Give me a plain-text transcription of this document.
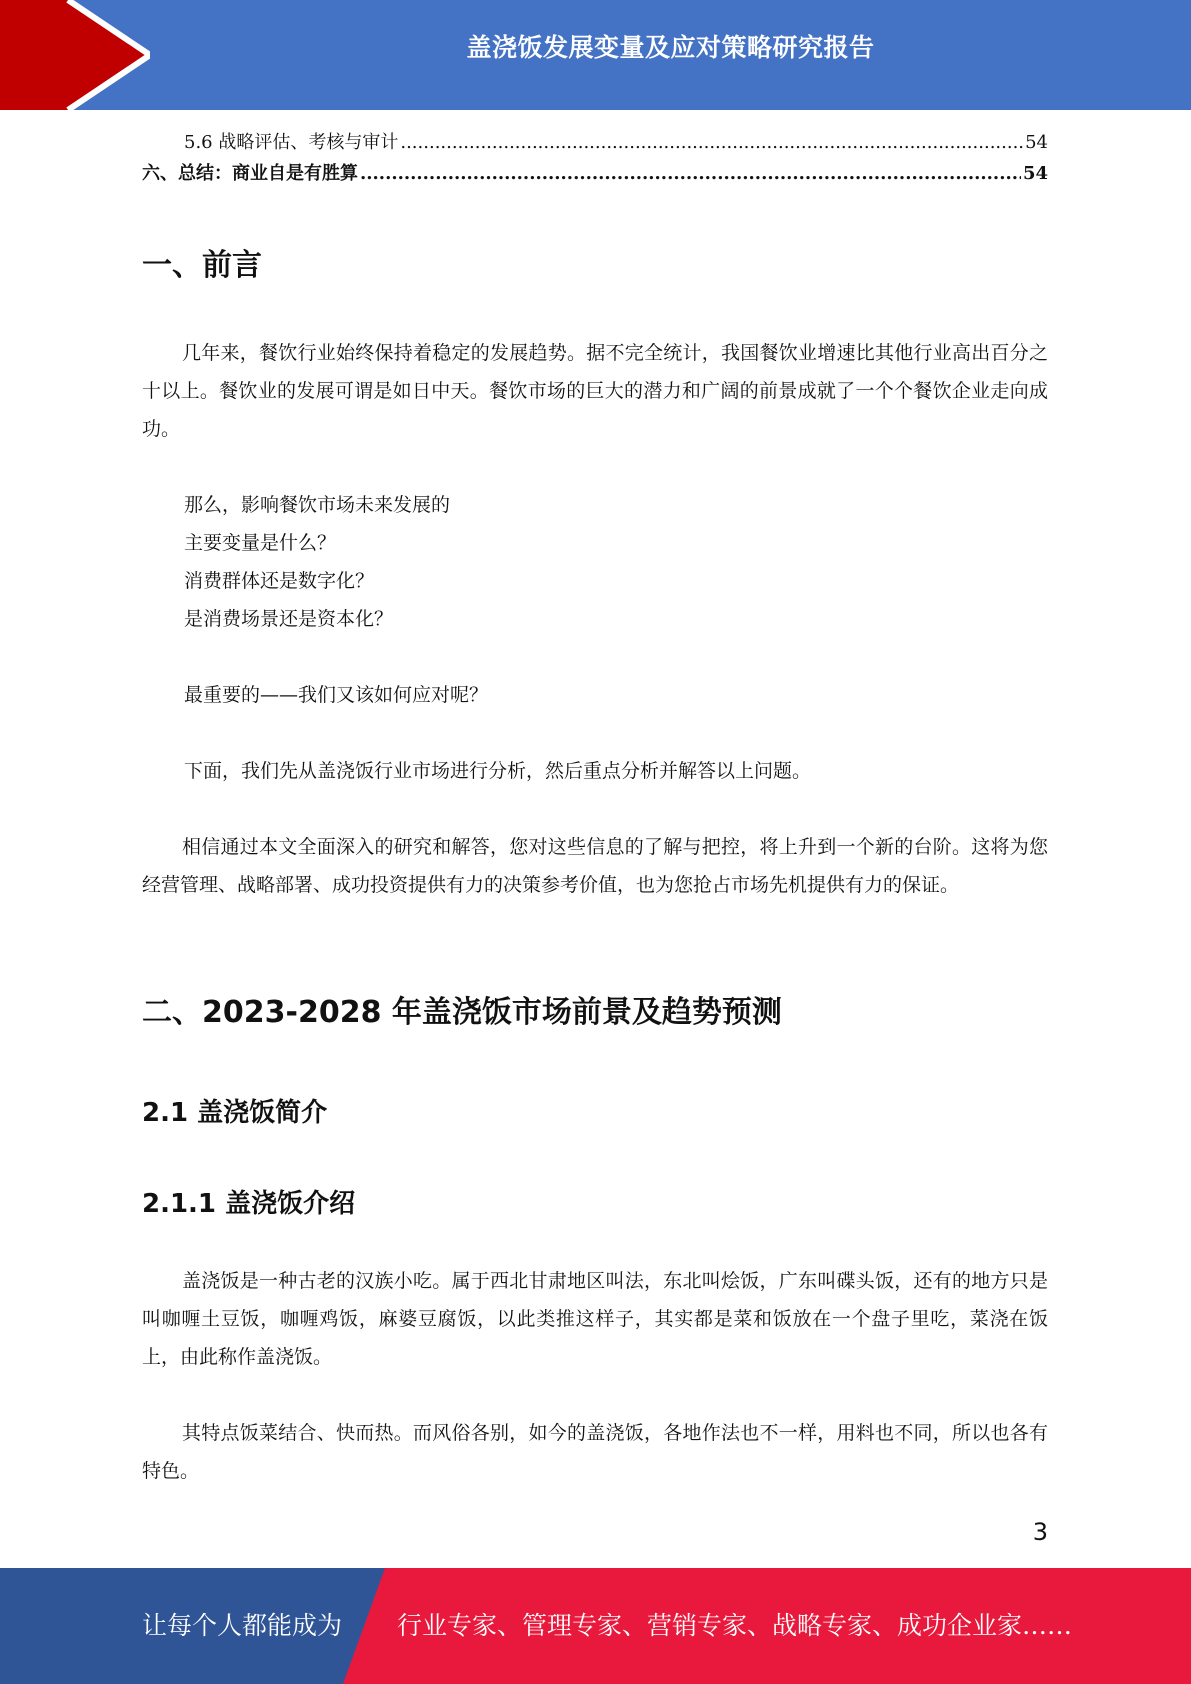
盖浇饭发展变量及应对策略研究报告
5.6 战略评估、考核与审计 .....	54
六、总结：商业自是有胜算 .....	54
一、前言

几年来，餐饮行业始终保持着稳定的发展趋势。据不完全统计，我国餐饮业增速比其他行业高出百分之十以上。餐饮业的发展可谓是如日中天。餐饮市场的巨大的潜力和广阔的前景成就了一个个餐饮企业走向成功。

那么，影响餐饮市场未来发展的
主要变量是什么？
消费群体还是数字化？
是消费场景还是资本化？
最重要的——我们又该如何应对呢？
下面，我们先从盖浇饭行业市场进行分析，然后重点分析并解答以上问题。

相信通过本文全面深入的研究和解答，您对这些信息的了解与把控，将上升到一个新的台阶。这将为您经营管理、战略部署、成功投资提供有力的决策参考价值，也为您抢占市场先机提供有力的保证。

二、2023-2028 年盖浇饭市场前景及趋势预测
2.1 盖浇饭简介
2.1.1 盖浇饭介绍

盖浇饭是一种古老的汉族小吃。属于西北甘肃地区叫法，东北叫烩饭，广东叫碟头饭，还有的地方只是叫咖喱土豆饭，咖喱鸡饭，麻婆豆腐饭，以此类推这样子，其实都是菜和饭放在一个盘子里吃，菜浇在饭上，由此称作盖浇饭。

其特点饭菜结合、快而热。而风俗各别，如今的盖浇饭，各地作法也不一样，用料也不同，所以也各有特色。

3
让每个人都能成为 行业专家、管理专家、营销专家、战略专家、成功企业家……
